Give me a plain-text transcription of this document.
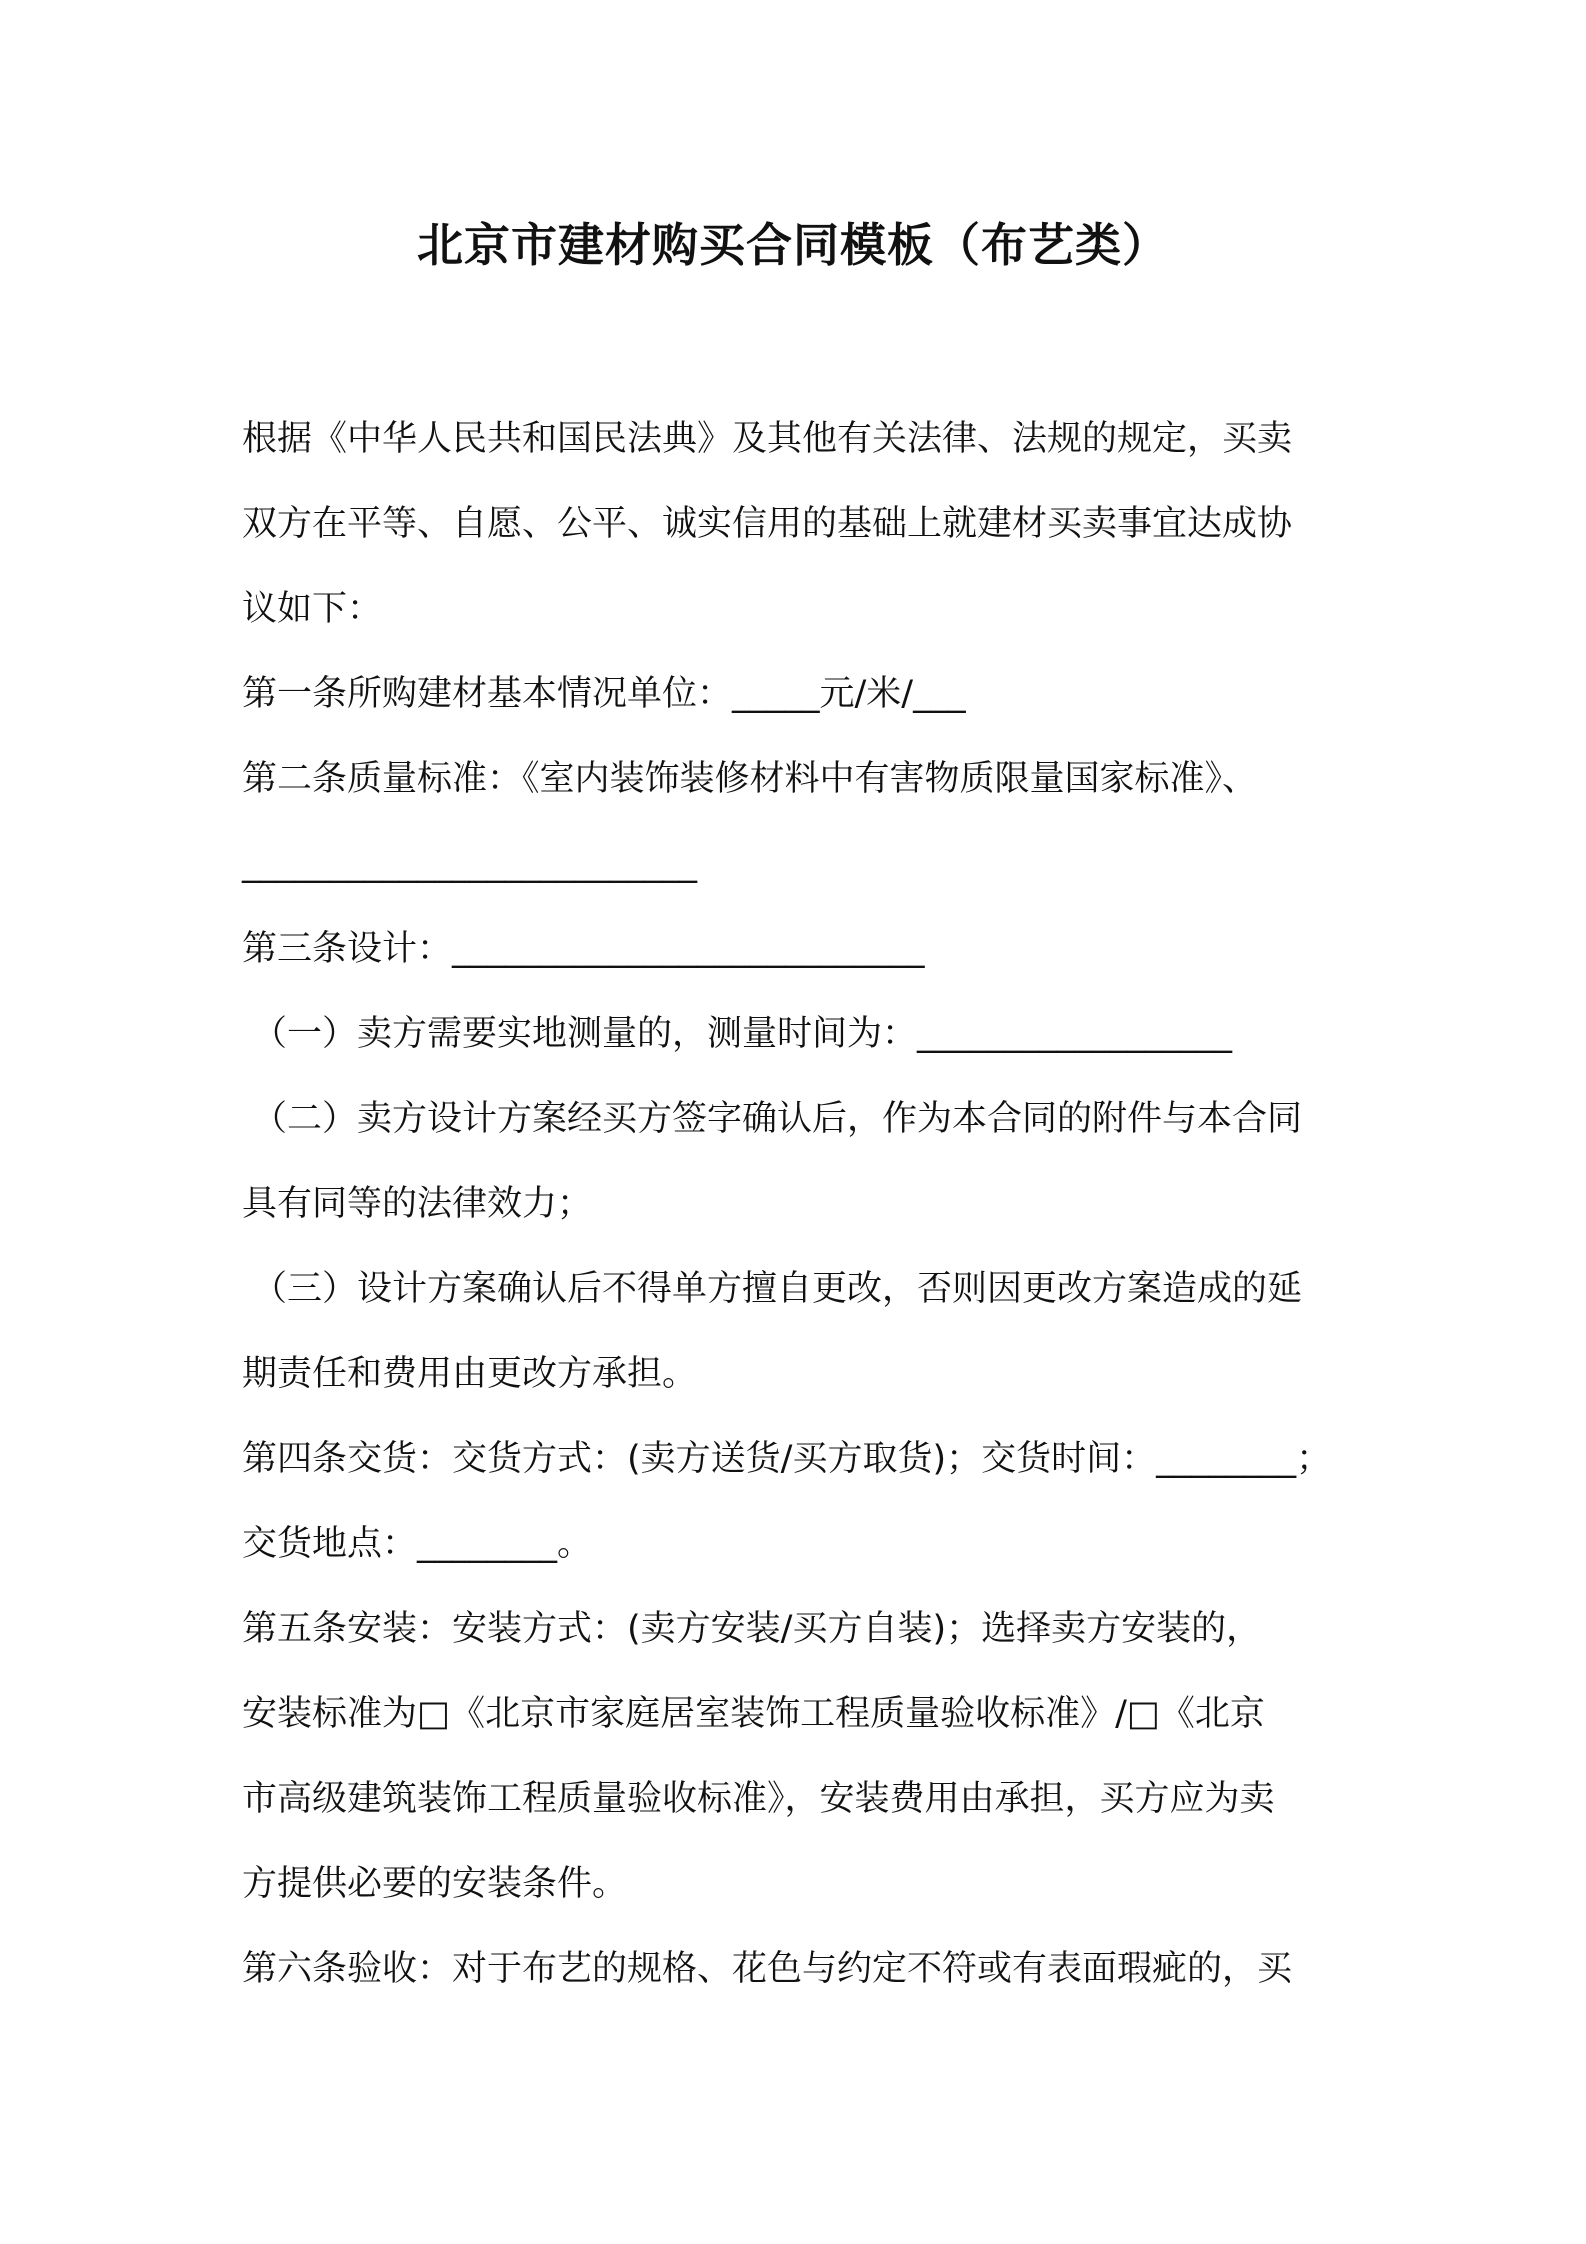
北京市建材购买合同模板（布艺类）
根据《中华人民共和国民法典》及其他有关法律、法规的规定，买卖
双方在平等、自愿、公平、诚实信用的基础上就建材买卖事宜达成协
议如下：
第一条所购建材基本情况单位：_____元/米/___
第二条质量标准：《室内装饰装修材料中有害物质限量国家标准》、
__________________________
第三条设计：___________________________
（一）卖方需要实地测量的，测量时间为：__________________
（二）卖方设计方案经买方签字确认后，作为本合同的附件与本合同
具有同等的法律效力；
（三）设计方案确认后不得单方擅自更改，否则因更改方案造成的延
期责任和费用由更改方承担。
第四条交货：交货方式：(卖方送货/买方取货)；交货时间：________；
交货地点：________。
第五条安装：安装方式：(卖方安装/买方自装)；选择卖方安装的，
安装标准为□《北京市家庭居室装饰工程质量验收标准》/□《北京
市高级建筑装饰工程质量验收标准》，安装费用由承担，买方应为卖
方提供必要的安装条件。
第六条验收：对于布艺的规格、花色与约定不符或有表面瑕疵的，买
